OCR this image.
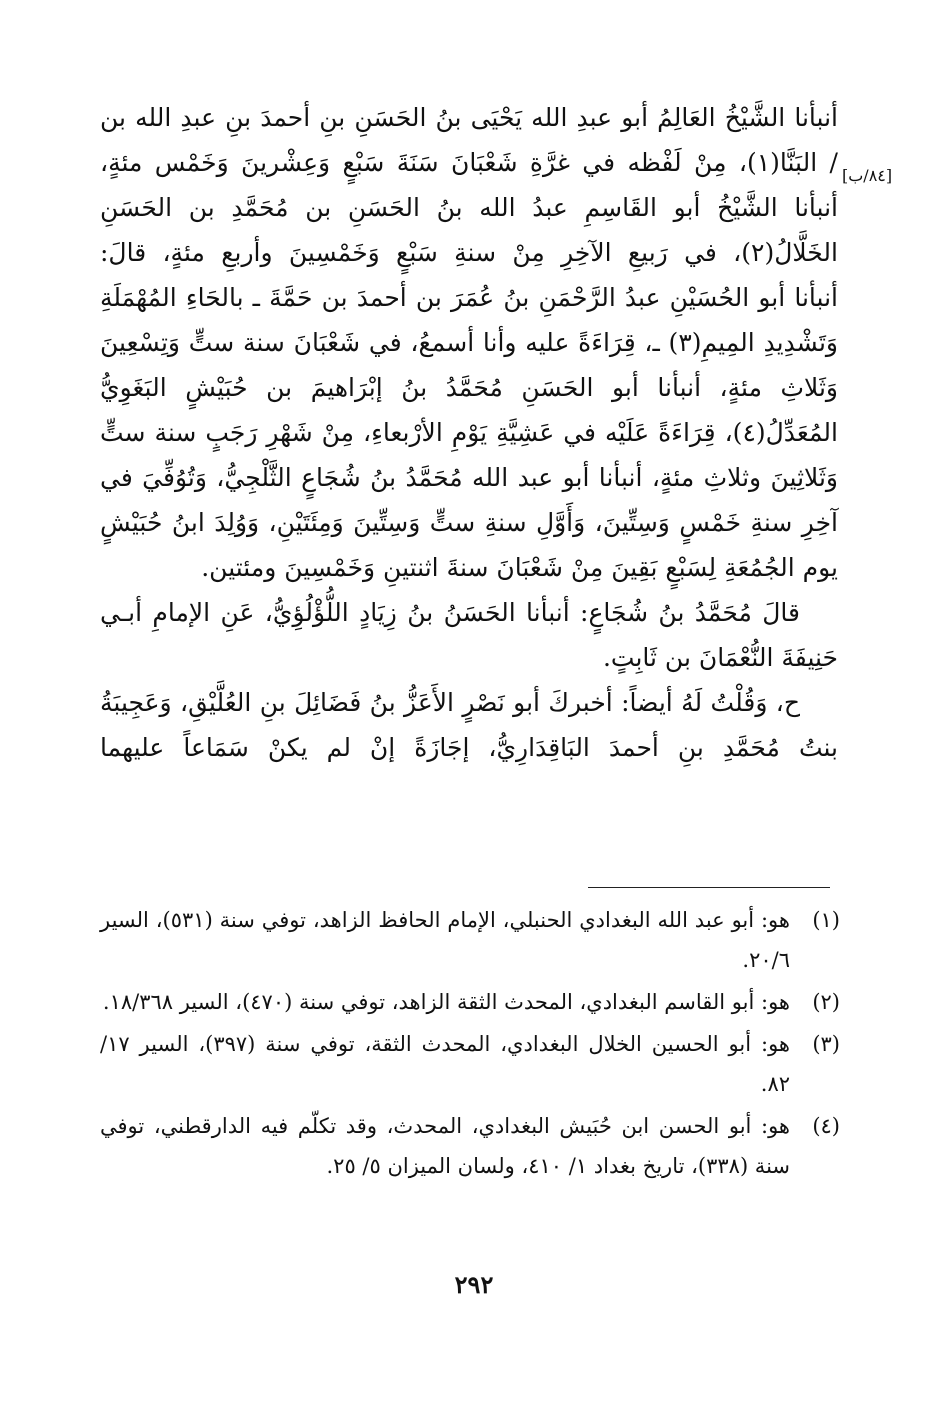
[٨٤/ب]

أنبأنا الشَّيْخُ العَالِمُ أبو عبدِ الله يَحْيَى بنُ الحَسَنِ بنِ أحمدَ بنِ عبدِ الله بن / البَنَّا(١)، مِنْ لَفْظه في غرَّةِ شَعْبَانَ سَنَةَ سَبْعٍ وَعِشْرينَ وَخَمْس مئةٍ، أنبأنا الشَّيْخُ أبو القَاسِمِ عبدُ الله بنُ الحَسَنِ بن مُحَمَّدِ بن الحَسَنِ الخَلَّالُ(٢)، في رَبيعِ الآخِرِ مِنْ سنةِ سَبْعٍ وَخَمْسِينَ وأربعِ مئةٍ، قالَ:

أنبأنا أبو الحُسَيْنِ عبدُ الرَّحْمَنِ بنُ عُمَرَ بن أحمدَ بن حَمَّةَ ـ بالحَاءِ المُهْمَلَةِ وَتَشْدِيدِ المِيمِ(٣) ـ، قِرَاءَةً عليه وأنا أسمعُ، في شَعْبَانَ سنة ستٍّ وَتِسْعِينَ وَثَلاثِ مئةٍ، أنبأنا أبو الحَسَنِ مُحَمَّدُ بنُ إبْرَاهيمَ بن حُبَيْشٍ البَغَوِيُّ المُعَدِّلُ(٤)، قِرَاءَةً عَلَيْه في عَشِيَّةِ يَوْمِ الأرْبعاءِ، مِنْ شَهْرِ رَجَبٍ سنة ستٍّ وَثَلاثِينَ وثلاثِ مئةٍ، أنبأنا أبو عبد الله مُحَمَّدُ بنُ شُجَاعٍ الثَّلْجِيُّ، وَتُوُفِّيَ في آخِرِ سنةِ خَمْسٍ وَسِتِّينَ، وَأَوَّلِ سنةِ ستٍّ وَسِتِّينَ وَمِئَتَيْنِ، وَوُلِدَ ابنُ حُبَيْشٍ يوم الجُمُعَةِ لِسَبْعٍ بَقِينَ مِنْ شَعْبَانَ سنةَ اثنتينِ وَخَمْسِينَ ومئتين.

قالَ مُحَمَّدُ بنُ شُجَاعٍ: أنبأنا الحَسَنُ بنُ زِيَادٍ اللُّؤْلُؤِيُّ، عَنِ الإمامِ أبـي حَنِيفَةَ النُّعْمَانَ بن ثَابِتٍ.

ح، وَقُلْتُ لَهُ أيضاً: أخبركَ أبو نَصْرٍ الأَعَزُّ بنُ فَضَائِلَ بنِ العُلَّيْقِ، وَعَجِيبَةُ بنتُ مُحَمَّدِ بنِ أحمدَ البَاقِدَارِيُّ، إجَازَةً إنْ لم يكنْ سَمَاعاً عليهما

(١)
هو: أبو عبد الله البغدادي الحنبلي، الإمام الحافظ الزاهد، توفي سنة (٥٣١)، السير ٢٠/٦.
(٢)
هو: أبو القاسم البغدادي، المحدث الثقة الزاهد، توفي سنة (٤٧٠)، السير ١٨/٣٦٨.
(٣)
هو: أبو الحسين الخلال البغدادي، المحدث الثقة، توفي سنة (٣٩٧)، السير ١٧/ ٨٢.
(٤)
هو: أبو الحسن ابن حُبَيش البغدادي، المحدث، وقد تكلّم فيه الدارقطني، توفي سنة (٣٣٨)، تاريخ بغداد ١/ ٤١٠، ولسان الميزان ٥/ ٢٥.
٢٩٢
